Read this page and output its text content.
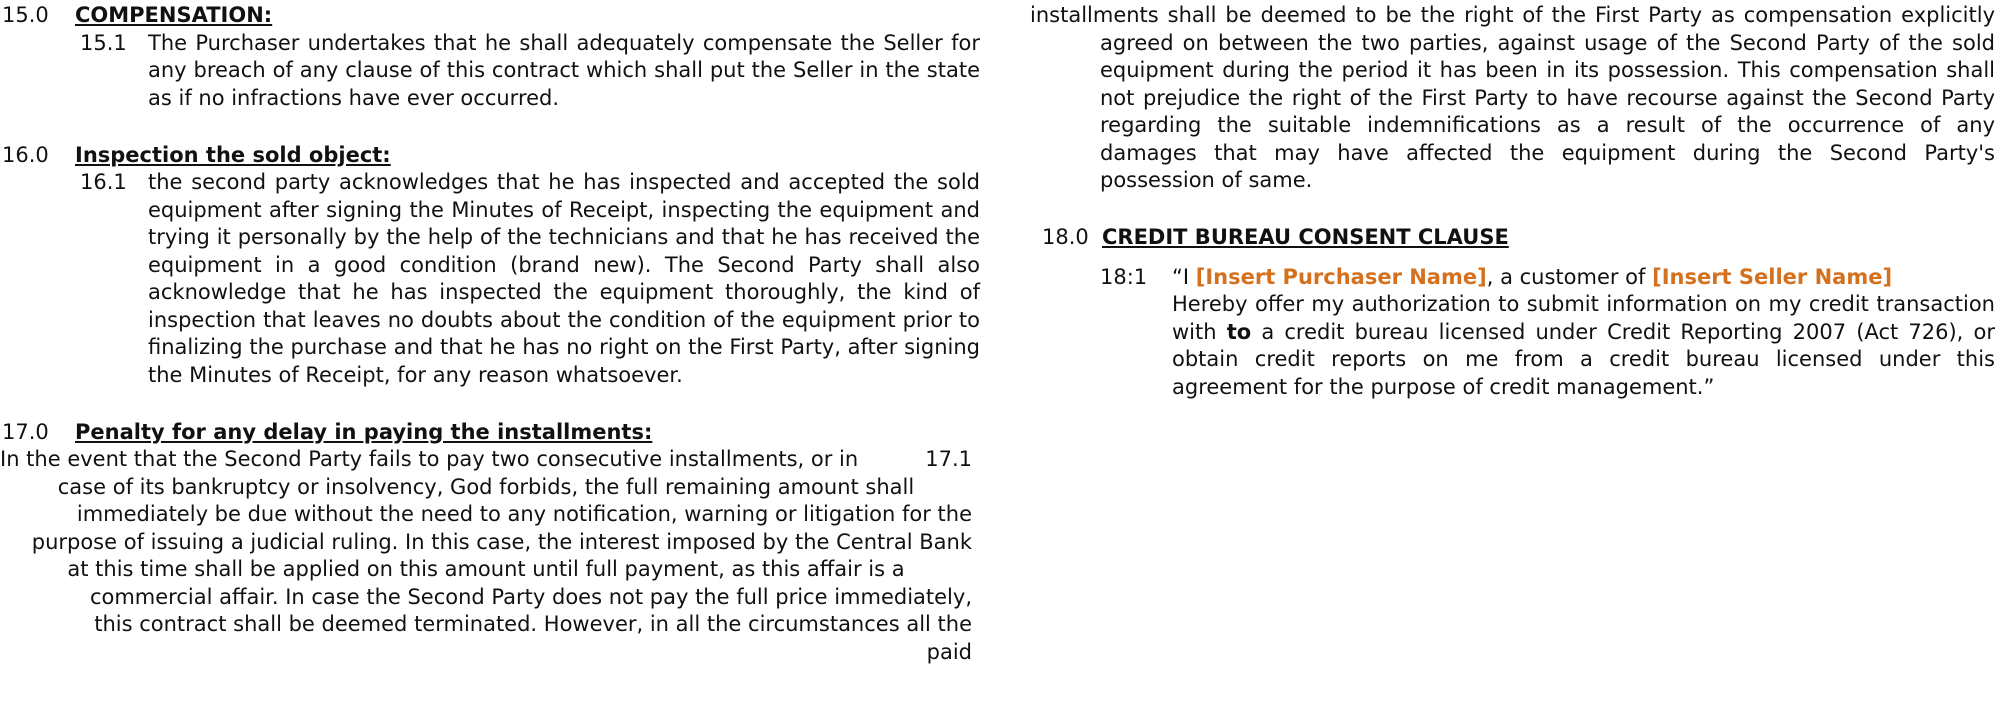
15.0 COMPENSATION:
15.1 The Purchaser undertakes that he shall adequately compensate the Seller for any breach of any clause of this contract which shall put the Seller in the state as if no infractions have ever occurred.
16.0 Inspection the sold object:
16.1 the second party acknowledges that he has inspected and accepted the sold equipment after signing the Minutes of Receipt, inspecting the equipment and trying it personally by the help of the technicians and that he has received the equipment in a good condition (brand new). The Second Party shall also acknowledge that he has inspected the equipment thoroughly, the kind of inspection that leaves no doubts about the condition of the equipment prior to finalizing the purchase and that he has no right on the First Party, after signing the Minutes of Receipt, for any reason whatsoever.
17.0 Penalty for any delay in paying the installments:
In the event that the Second Party fails to pay two consecutive installments, or in	17.1
case of its bankruptcy or insolvency, God forbids, the full remaining amount shall
immediately be due without the need to any notification, warning or litigation for the
purpose of issuing a judicial ruling. In this case, the interest imposed by the Central Bank
at this time shall be applied on this amount until full payment, as this affair is a
commercial affair. In case the Second Party does not pay the full price immediately,
this contract shall be deemed terminated. However, in all the circumstances all the
paid
installments shall be deemed to be the right of the First Party as compensation explicitly agreed on between the two parties, against usage of the Second Party of the sold equipment during the period it has been in its possession. This compensation shall not prejudice the right of the First Party to have recourse against the Second Party regarding the suitable indemnifications as a result of the occurrence of any damages that may have affected the equipment during the Second Party's possession of same.
18.0 CREDIT BUREAU CONSENT CLAUSE
18:1 “I [Insert Purchaser Name], a customer of [Insert Seller Name]
Hereby offer my authorization to submit information on my credit transaction with to a credit bureau licensed under Credit Reporting 2007 (Act 726), or obtain credit reports on me from a credit bureau licensed under this agreement for the purpose of credit management.”
